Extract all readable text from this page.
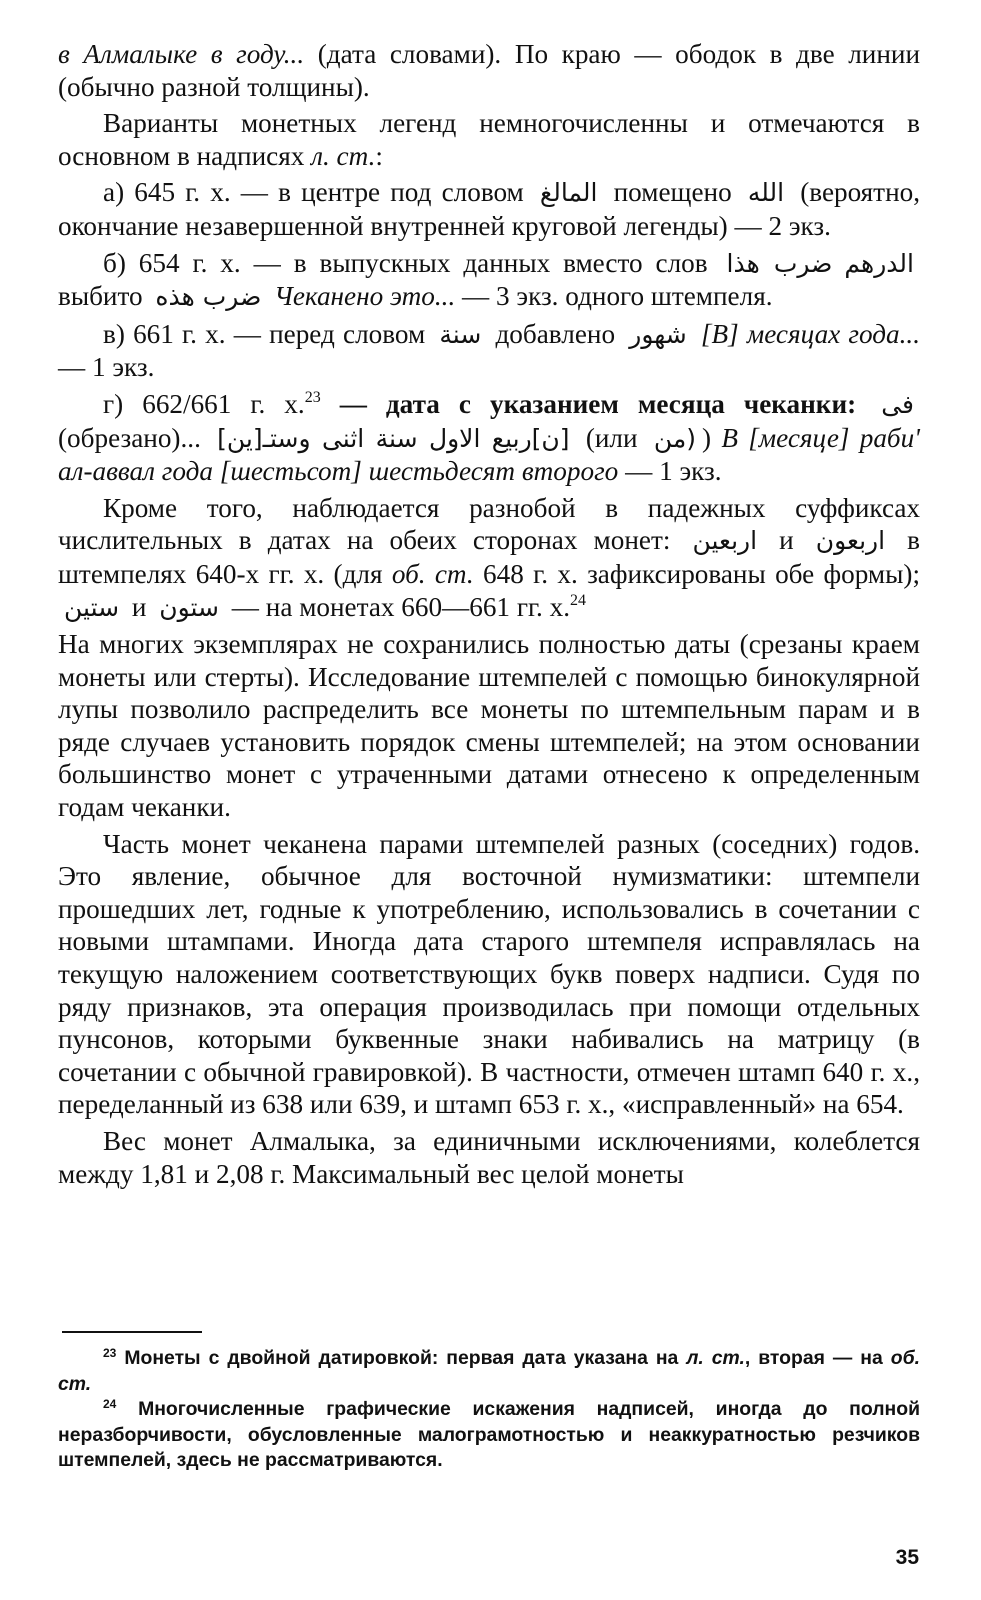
в Алмалыке в году... (дата словами). По краю — ободок в две линии (обычно разной толщины).

Варианты монетных легенд немногочисленны и отмечаются в основном в надписях л. ст.:

а) 645 г. х. — в центре под словом المالغ помещено الله (вероятно, окончание незавершенной внутренней круговой легенды) — 2 экз.

б) 654 г. х. — в выпускных данных вместо слов ضرب هذا الدرهم выбито ضرب هذه Чеканено это... — 3 экз. одного штемпеля.

в) 661 г. х. — перед словом سنة добавлено شهور [В] месяцах года... — 1 экз.

г) 662/661 г. х.$^{23}$ — дата с указанием месяца чеканки: فی (обрезано)... [ن]ربیع الاول سنة اثنی وستـ[ین] (или (من ) В [месяце] раби' ал-аввал года [шестьсот] шестьдесят второго — 1 экз.

Кроме того, наблюдается разнобой в падежных суффиксах числительных в датах на обеих сторонах монет: اربعین и اربعون в штемпелях 640-х гг. х. (для об. ст. 648 г. х. зафиксированы обе формы); ستین и ستون — на монетах 660—661 гг. х.$^{24}$

На многих экземплярах не сохранились полностью даты (срезаны краем монеты или стерты). Исследование штемпелей с помощью бинокулярной лупы позволило распределить все монеты по штемпельным парам и в ряде случаев установить порядок смены штемпелей; на этом основании большинство монет с утраченными датами отнесено к определенным годам чеканки.

Часть монет чеканена парами штемпелей разных (соседних) годов. Это явление, обычное для восточной нумизматики: штемпели прошедших лет, годные к употреблению, использовались в сочетании с новыми штампами. Иногда дата старого штемпеля исправлялась на текущую наложением соответствующих букв поверх надписи. Судя по ряду признаков, эта операция производилась при помощи отдельных пунсонов, которыми буквенные знаки набивались на матрицу (в сочетании с обычной гравировкой). В частности, отмечен штамп 640 г. х., переделанный из 638 или 639, и штамп 653 г. х., «исправленный» на 654.

Вес монет Алмалыка, за единичными исключениями, колеблется между 1,81 и 2,08 г. Максимальный вес целой монеты

$^{23}$ Монеты с двойной датировкой: первая дата указана на л. ст., вторая — на об. ст.

$^{24}$ Многочисленные графические искажения надписей, иногда до полной неразборчивости, обусловленные малограмотностью и неаккуратностью резчиков штемпелей, здесь не рассматриваются.

35
